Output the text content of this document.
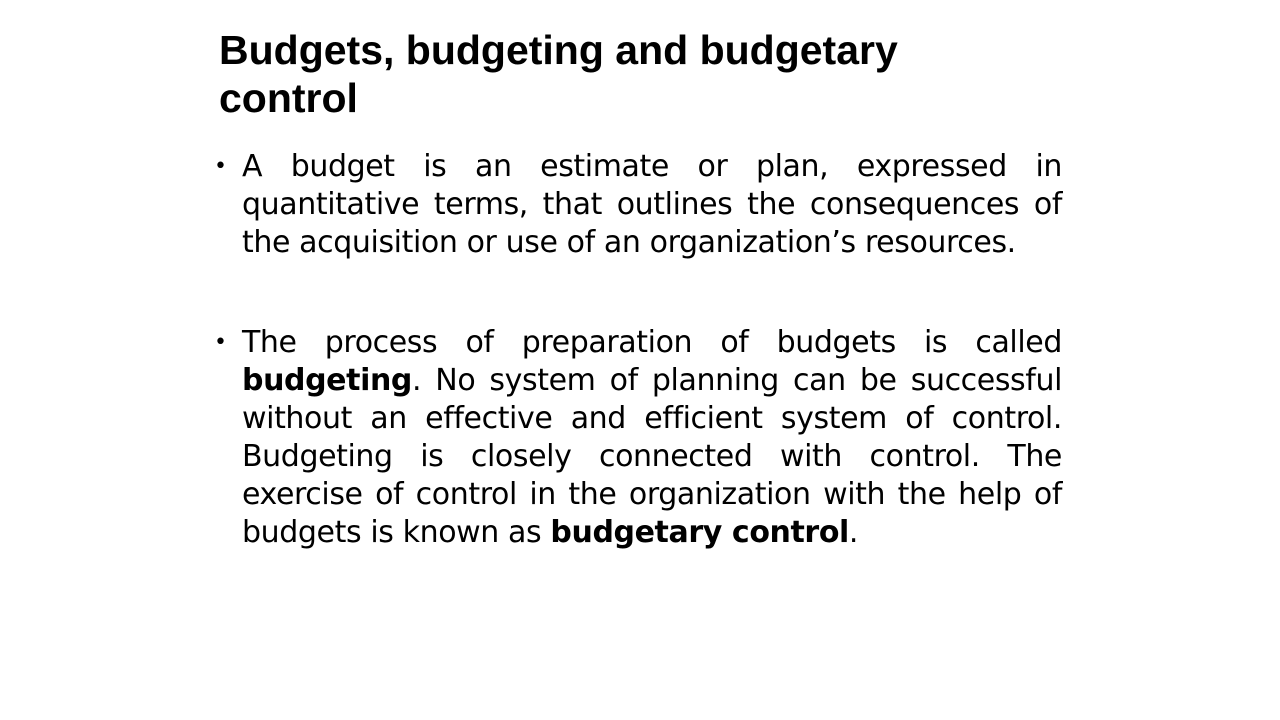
Budgets, budgeting and budgetary control
• A budget is an estimate or plan, expressed in quantitative terms, that outlines the consequences of the acquisition or use of an organization’s resources.
• The process of preparation of budgets is called budgeting. No system of planning can be successful without an effective and efficient system of control. Budgeting is closely connected with control. The exercise of control in the organization with the help of budgets is known as budgetary control.
